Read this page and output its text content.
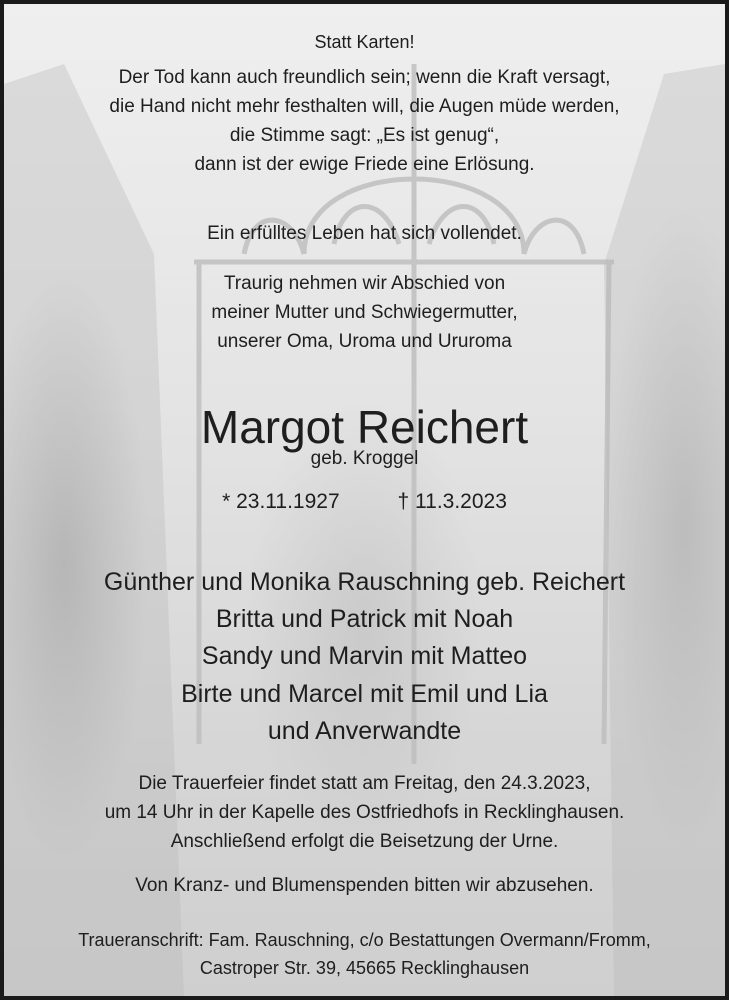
Statt Karten!
Der Tod kann auch freundlich sein; wenn die Kraft versagt,
die Hand nicht mehr festhalten will, die Augen müde werden,
die Stimme sagt: „Es ist genug“,
dann ist der ewige Friede eine Erlösung.
Ein erfülltes Leben hat sich vollendet.
Traurig nehmen wir Abschied von
meiner Mutter und Schwiegermutter,
unserer Oma, Uroma und Ururoma
Margot Reichert
geb. Kroggel
* 23.11.1927	† 11.3.2023
Günther und Monika Rauschning geb. Reichert
Britta und Patrick mit Noah
Sandy und Marvin mit Matteo
Birte und Marcel mit Emil und Lia
und Anverwandte
Die Trauerfeier findet statt am Freitag, den 24.3.2023,
um 14 Uhr in der Kapelle des Ostfriedhofs in Recklinghausen.
Anschließend erfolgt die Beisetzung der Urne.
Von Kranz- und Blumenspenden bitten wir abzusehen.
Traueranschrift: Fam. Rauschning, c/o Bestattungen Overmann/Fromm,
Castroper Str. 39, 45665 Recklinghausen
